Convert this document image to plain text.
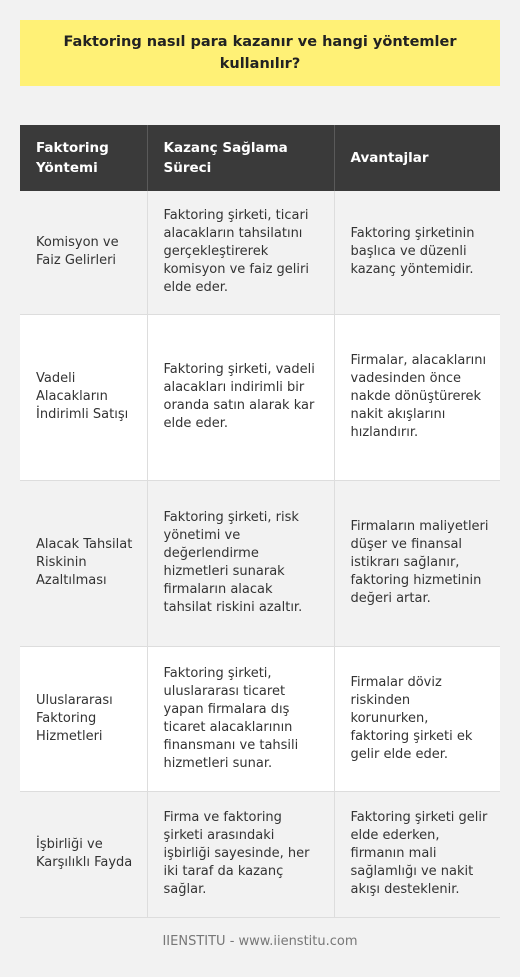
Faktoring nasıl para kazanır ve hangi yöntemler kullanılır?
Faktoring Yöntemi	Kazanç Sağlama Süreci	Avantajlar
Komisyon ve Faiz Gelirleri	Faktoring şirketi, ticari alacakların tahsilatını gerçekleştirerek komisyon ve faiz geliri elde eder.	Faktoring şirketinin başlıca ve düzenli kazanç yöntemidir.
Vadeli Alacakların İndirimli Satışı	Faktoring şirketi, vadeli alacakları indirimli bir oranda satın alarak kar elde eder.	Firmalar, alacaklarını vadesinden önce nakde dönüştürerek nakit akışlarını hızlandırır.
Alacak Tahsilat Riskinin Azaltılması	Faktoring şirketi, risk yönetimi ve değerlendirme hizmetleri sunarak firmaların alacak tahsilat riskini azaltır.	Firmaların maliyetleri düşer ve finansal istikrarı sağlanır, faktoring hizmetinin değeri artar.
Uluslararası Faktoring Hizmetleri	Faktoring şirketi, uluslararası ticaret yapan firmalara dış ticaret alacaklarının finansmanı ve tahsili hizmetleri sunar.	Firmalar döviz riskinden korunurken, faktoring şirketi ek gelir elde eder.
İşbirliği ve Karşılıklı Fayda	Firma ve faktoring şirketi arasındaki işbirliği sayesinde, her iki taraf da kazanç sağlar.	Faktoring şirketi gelir elde ederken, firmanın mali sağlamlığı ve nakit akışı desteklenir.
IIENSTITU - www.iienstitu.com
